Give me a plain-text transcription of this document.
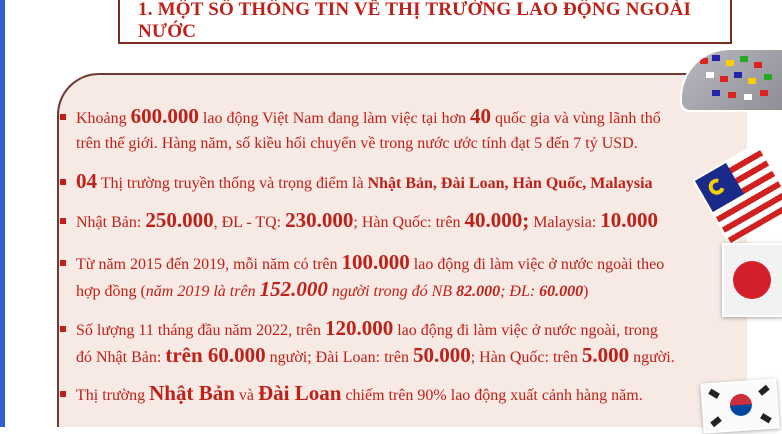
1. MỘT SỐ THÔNG TIN VỀ THỊ TRƯỜNG LAO ĐỘNG NGOÀI NƯỚC
Khoảng 600.000 lao động Việt Nam đang làm việc tại hơn 40 quốc gia và vùng lãnh thổ
trên thế giới. Hàng năm, số kiều hối chuyển về trong nước ước tính đạt 5 đến 7 tỷ USD.
04 Thị trường truyền thống và trọng điểm là Nhật Bản, Đài Loan, Hàn Quốc, Malaysia
Nhật Bản: 250.000, ĐL - TQ: 230.000; Hàn Quốc: trên 40.000; Malaysia: 10.000
Từ năm 2015 đến 2019, mỗi năm có trên 100.000 lao động đi làm việc ở nước ngoài theo
hợp đồng (năm 2019 là trên 152.000 người trong đó NB 82.000; ĐL: 60.000)
Số lượng 11 tháng đầu năm 2022, trên 120.000 lao động đi làm việc ở nước ngoài, trong
đó Nhật Bản: trên 60.000 người; Đài Loan: trên 50.000; Hàn Quốc: trên 5.000 người.
Thị trường Nhật Bản và Đài Loan chiếm trên 90% lao động xuất cảnh hàng năm.
